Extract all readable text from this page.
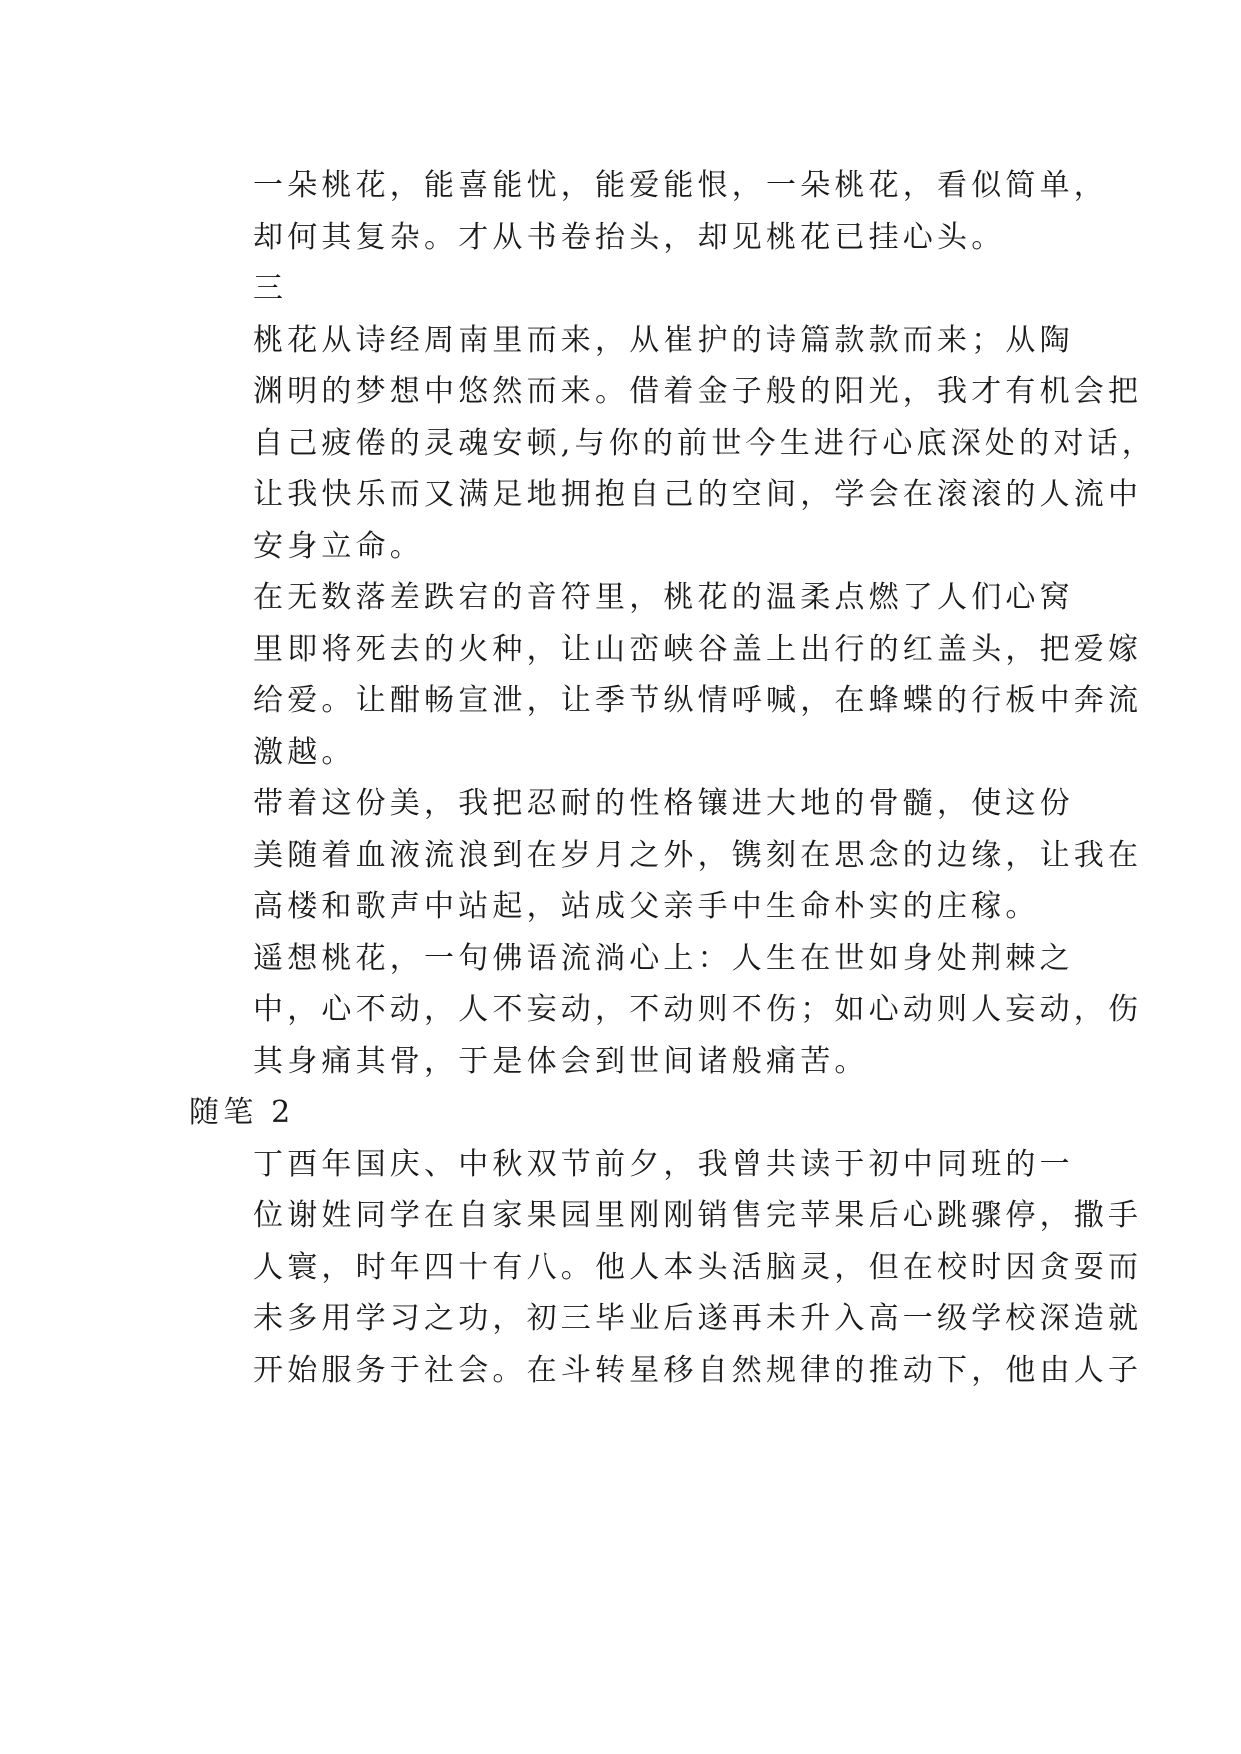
一朵桃花，能喜能忧，能爱能恨，一朵桃花，看似简单，
却何其复杂。才从书卷抬头，却见桃花已挂心头。

三

桃花从诗经周南里而来，从崔护的诗篇款款而来；从陶
渊明的梦想中悠然而来。借着金子般的阳光，我才有机会把
自己疲倦的灵魂安顿,与你的前世今生进行心底深处的对话，
让我快乐而又满足地拥抱自己的空间，学会在滚滚的人流中
安身立命。

在无数落差跌宕的音符里，桃花的温柔点燃了人们心窝
里即将死去的火种，让山峦峡谷盖上出行的红盖头，把爱嫁
给爱。让酣畅宣泄，让季节纵情呼喊，在蜂蝶的行板中奔流
激越。

带着这份美，我把忍耐的性格镶进大地的骨髓，使这份
美随着血液流浪到在岁月之外，镌刻在思念的边缘，让我在
高楼和歌声中站起，站成父亲手中生命朴实的庄稼。

遥想桃花，一句佛语流淌心上：人生在世如身处荆棘之
中，心不动，人不妄动，不动则不伤；如心动则人妄动，伤
其身痛其骨，于是体会到世间诸般痛苦。

随笔 2

丁酉年国庆、中秋双节前夕，我曾共读于初中同班的一
位谢姓同学在自家果园里刚刚销售完苹果后心跳骤停，撒手
人寰，时年四十有八。他人本头活脑灵，但在校时因贪耍而
未多用学习之功，初三毕业后遂再未升入高一级学校深造就
开始服务于社会。在斗转星移自然规律的推动下，他由人子
